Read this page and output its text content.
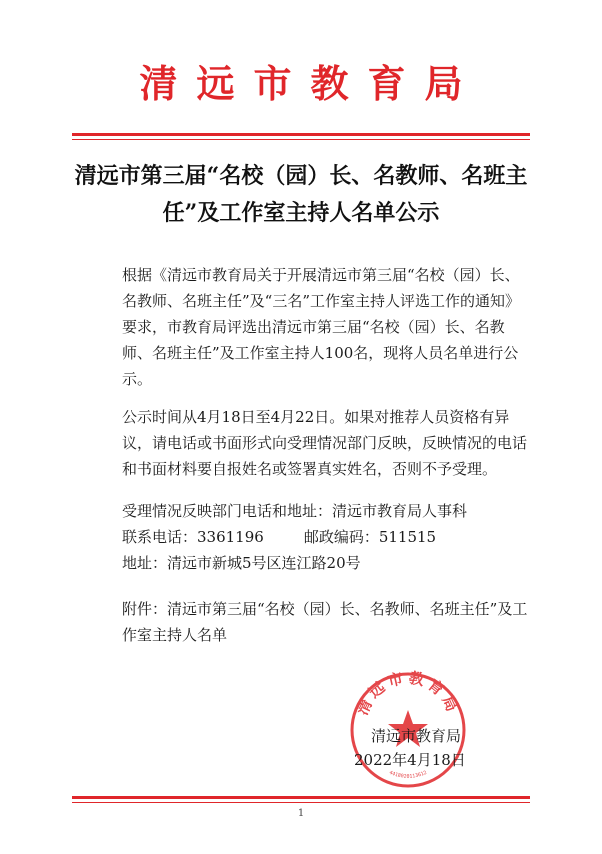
清远市教育局
清远市第三届“名校（园）长、名教师、名班主任”及工作室主持人名单公示

根据《清远市教育局关于开展清远市第三届“名校（园）长、名教师、名班主任”及“三名”工作室主持人评选工作的通知》要求，市教育局评选出清远市第三届“名校（园）长、名教师、名班主任”及工作室主持人100名，现将人员名单进行公示。

公示时间从4月18日至4月22日。如果对推荐人员资格有异议，请电话或书面形式向受理情况部门反映，反映情况的电话和书面材料要自报姓名或签署真实姓名，否则不予受理。

受理情况反映部门电话和地址：清远市教育局人事科
联系电话：3361196	邮政编码：511515
地址：清远市新城5号区连江路20号
附件：清远市第三届“名校（园）长、名教师、名班主任”及工作室主持人名单
清远市教育局
4418020113612
清远市教育局
2022年4月18日
1
